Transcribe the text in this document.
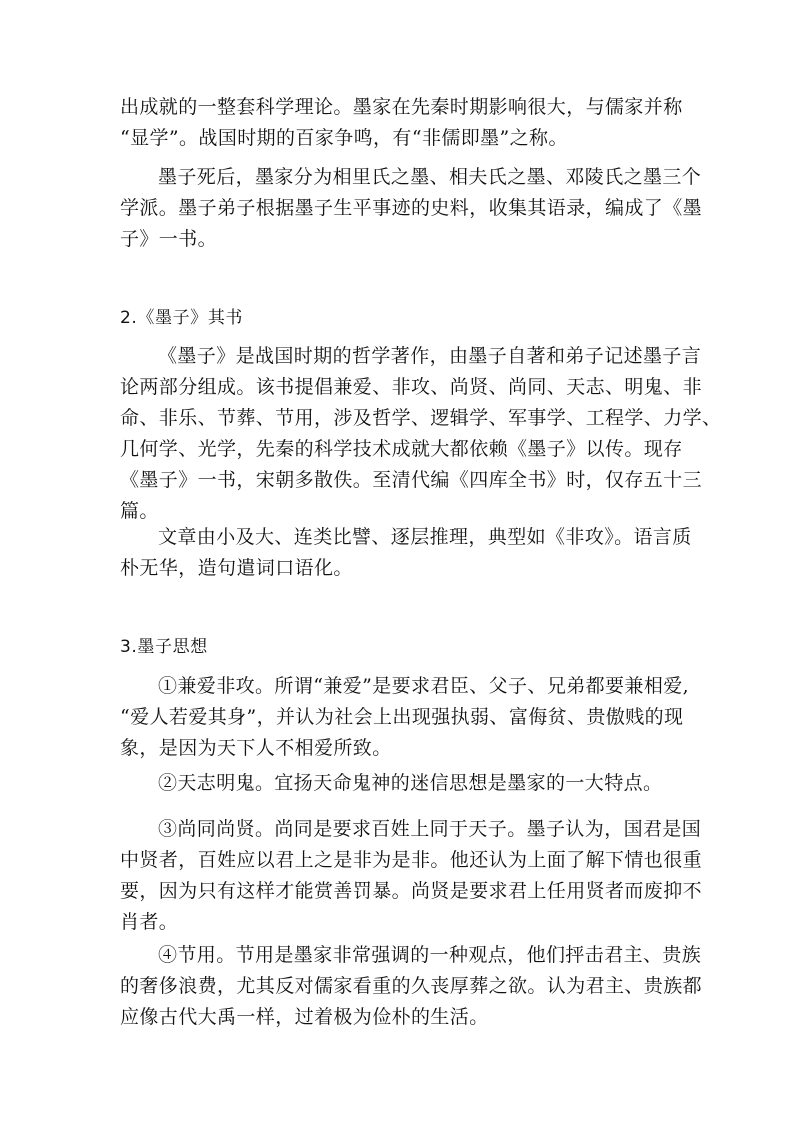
出成就的一整套科学理论。墨家在先秦时期影响很大，与儒家并称
“显学”。战国时期的百家争鸣，有“非儒即墨”之称。

墨子死后，墨家分为相里氏之墨、相夫氏之墨、邓陵氏之墨三个
学派。墨子弟子根据墨子生平事迹的史料，收集其语录，编成了《墨
子》一书。

2.《墨子》其书

《墨子》是战国时期的哲学著作，由墨子自著和弟子记述墨子言
论两部分组成。该书提倡兼爱、非攻、尚贤、尚同、天志、明鬼、非
命、非乐、节葬、节用，涉及哲学、逻辑学、军事学、工程学、力学、
几何学、光学，先秦的科学技术成就大都依赖《墨子》以传。现存
《墨子》一书，宋朝多散佚。至清代编《四库全书》时，仅存五十三
篇。

文章由小及大、连类比譬、逐层推理，典型如《非攻》。语言质
朴无华，造句遣词口语化。

3.墨子思想

①兼爱非攻。所谓“兼爱”是要求君臣、父子、兄弟都要兼相爱,
“爱人若爱其身”，并认为社会上出现强执弱、富侮贫、贵傲贱的现
象，是因为天下人不相爱所致。

②天志明鬼。宜扬天命鬼神的迷信思想是墨家的一大特点。

③尚同尚贤。尚同是要求百姓上同于天子。墨子认为，国君是国
中贤者，百姓应以君上之是非为是非。他还认为上面了解下情也很重
要，因为只有这样才能赏善罚暴。尚贤是要求君上任用贤者而废抑不
肖者。

④节用。节用是墨家非常强调的一种观点，他们抨击君主、贵族
的奢侈浪费，尤其反对儒家看重的久丧厚葬之欲。认为君主、贵族都
应像古代大禹一样，过着极为俭朴的生活。
